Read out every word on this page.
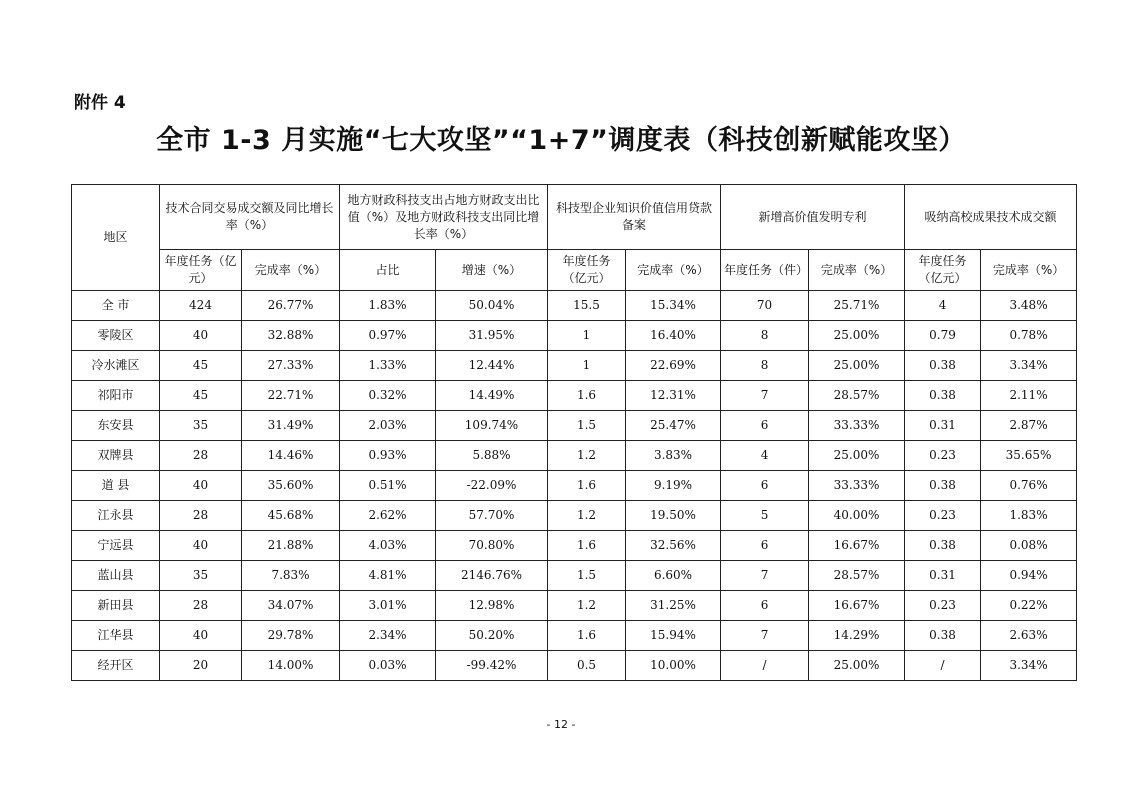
附件 4
全市 1-3 月实施“七大攻坚”“1+7”调度表（科技创新赋能攻坚）
地区	技术合同交易成交额及同比增长率（%）		地方财政科技支出占地方财政支出比值（%）及地方财政科技支出同比增长率（%）		科技型企业知识价值信用贷款备案		新增高价值发明专利		吸纳高校成果技术成交额	
	年度任务（亿元）	完成率（%）	占比	增速（%）	年度任务（亿元）	完成率（%）	年度任务（件）	完成率（%）	年度任务（亿元）	完成率（%）
全 市	424	26.77%	1.83%	50.04%	15.5	15.34%	70	25.71%	4	3.48%
零陵区	40	32.88%	0.97%	31.95%	1	16.40%	8	25.00%	0.79	0.78%
冷水滩区	45	27.33%	1.33%	12.44%	1	22.69%	8	25.00%	0.38	3.34%
祁阳市	45	22.71%	0.32%	14.49%	1.6	12.31%	7	28.57%	0.38	2.11%
东安县	35	31.49%	2.03%	109.74%	1.5	25.47%	6	33.33%	0.31	2.87%
双牌县	28	14.46%	0.93%	5.88%	1.2	3.83%	4	25.00%	0.23	35.65%
道 县	40	35.60%	0.51%	-22.09%	1.6	9.19%	6	33.33%	0.38	0.76%
江永县	28	45.68%	2.62%	57.70%	1.2	19.50%	5	40.00%	0.23	1.83%
宁远县	40	21.88%	4.03%	70.80%	1.6	32.56%	6	16.67%	0.38	0.08%
蓝山县	35	7.83%	4.81%	2146.76%	1.5	6.60%	7	28.57%	0.31	0.94%
新田县	28	34.07%	3.01%	12.98%	1.2	31.25%	6	16.67%	0.23	0.22%
江华县	40	29.78%	2.34%	50.20%	1.6	15.94%	7	14.29%	0.38	2.63%
经开区	20	14.00%	0.03%	-99.42%	0.5	10.00%	/	25.00%	/	3.34%
- 12 -
